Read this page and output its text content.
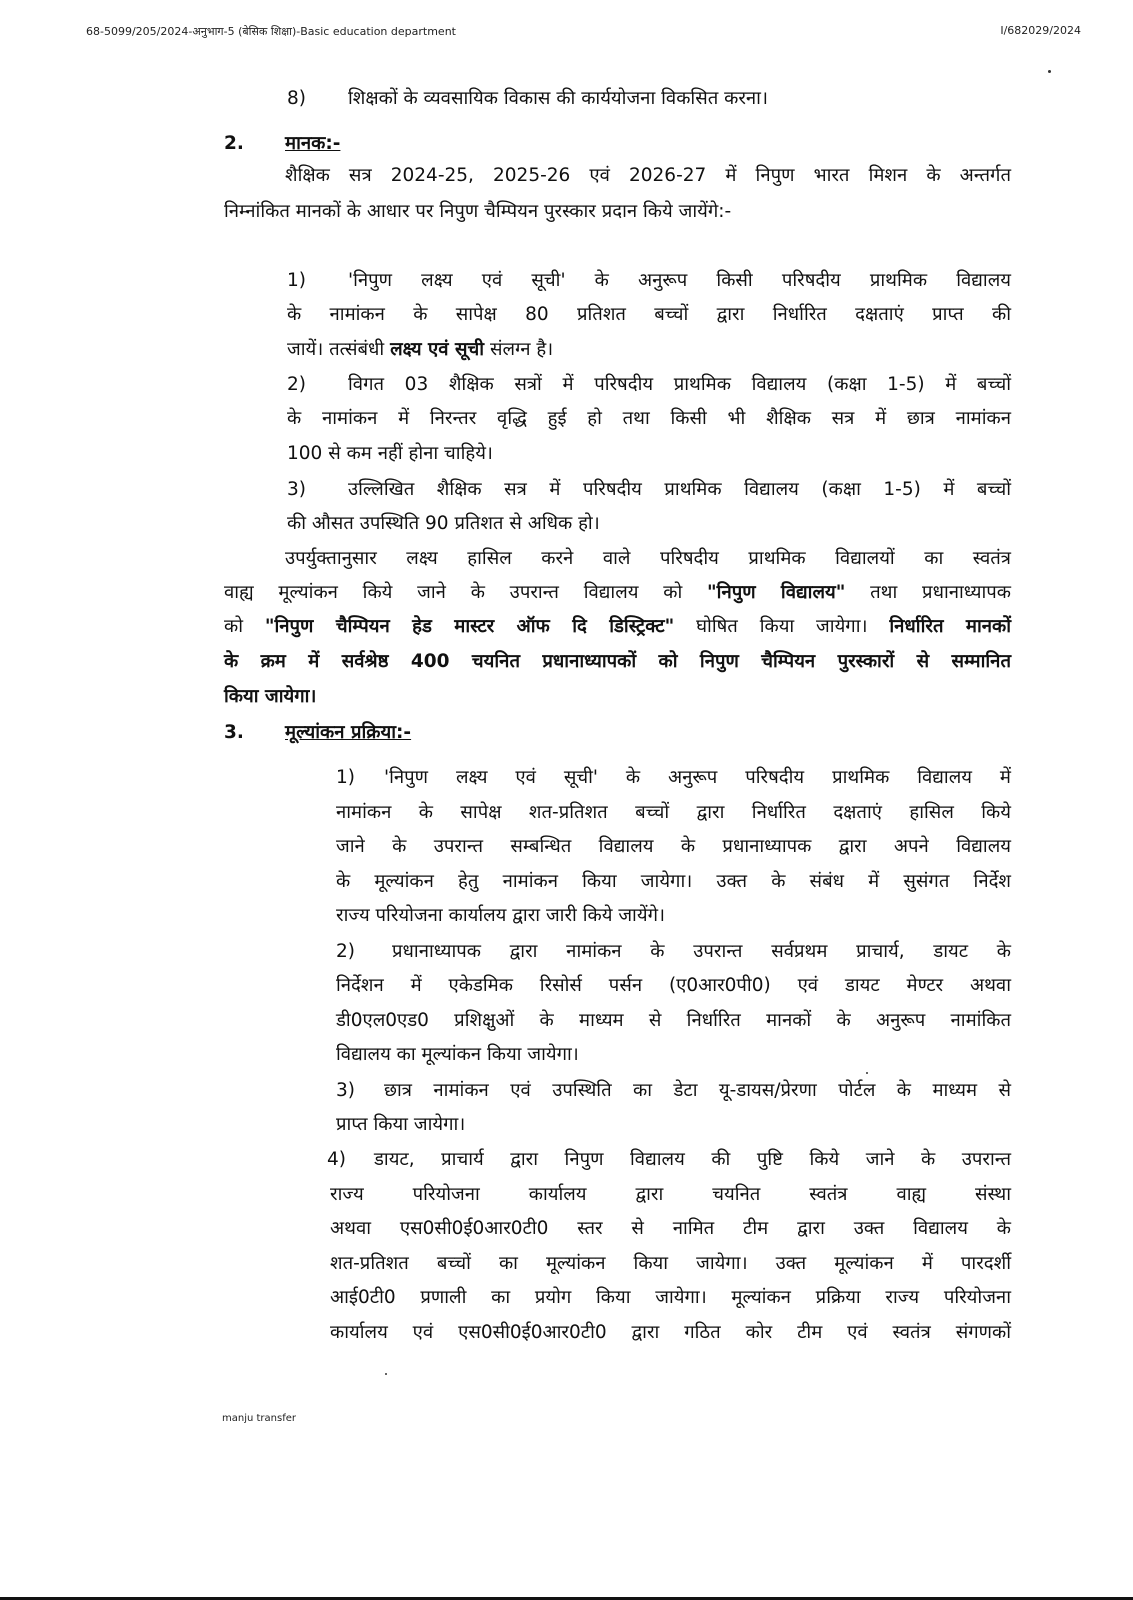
68-5099/205/2024-अनुभाग-5 (बेसिक शिक्षा)-Basic education department	I/682029/2024
8) शिक्षकों के व्यवसायिक विकास की कार्ययोजना विकसित करना।
2. मानक:-
शैक्षिक सत्र 2024-25, 2025-26 एवं 2026-27 में निपुण भारत मिशन के अन्तर्गत
निम्नांकित मानकों के आधार पर निपुण चैम्पियन पुरस्कार प्रदान किये जायेंगे:-
1) 'निपुण लक्ष्य एवं सूची' के अनुरूप किसी परिषदीय प्राथमिक विद्यालय
के नामांकन के सापेक्ष 80 प्रतिशत बच्चों द्वारा निर्धारित दक्षताएं प्राप्त की
जायें। तत्संबंधी लक्ष्य एवं सूची संलग्न है।
2) विगत 03 शैक्षिक सत्रों में परिषदीय प्राथमिक विद्यालय (कक्षा 1-5) में बच्चों
के नामांकन में निरन्तर वृद्धि हुई हो तथा किसी भी शैक्षिक सत्र में छात्र नामांकन
100 से कम नहीं होना चाहिये।
3) उल्लिखित शैक्षिक सत्र में परिषदीय प्राथमिक विद्यालय (कक्षा 1-5) में बच्चों
की औसत उपस्थिति 90 प्रतिशत से अधिक हो।
उपर्युक्तानुसार लक्ष्य हासिल करने वाले परिषदीय प्राथमिक विद्यालयों का स्वतंत्र
वाह्य मूल्यांकन किये जाने के उपरान्त विद्यालय को "निपुण विद्यालय" तथा प्रधानाध्यापक
को "निपुण चैम्पियन हेड मास्टर ऑफ दि डिस्ट्रिक्ट" घोषित किया जायेगा। निर्धारित मानकों
के क्रम में सर्वश्रेष्ठ 400 चयनित प्रधानाध्यापकों को निपुण चैम्पियन पुरस्कारों से सम्मानित
किया जायेगा।
3. मूल्यांकन प्रक्रिया:-
1) 'निपुण लक्ष्य एवं सूची' के अनुरूप परिषदीय प्राथमिक विद्यालय में
नामांकन के सापेक्ष शत-प्रतिशत बच्चों द्वारा निर्धारित दक्षताएं हासिल किये
जाने के उपरान्त सम्बन्धित विद्यालय के प्रधानाध्यापक द्वारा अपने विद्यालय
के मूल्यांकन हेतु नामांकन किया जायेगा। उक्त के संबंध में सुसंगत निर्देश
राज्य परियोजना कार्यालय द्वारा जारी किये जायेंगे।
2) प्रधानाध्यापक द्वारा नामांकन के उपरान्त सर्वप्रथम प्राचार्य, डायट के
निर्देशन में एकेडमिक रिसोर्स पर्सन (ए0आर0पी0) एवं डायट मेण्टर अथवा
डी0एल0एड0 प्रशिक्षुओं के माध्यम से निर्धारित मानकों के अनुरूप नामांकित
विद्यालय का मूल्यांकन किया जायेगा।
3) छात्र नामांकन एवं उपस्थिति का डेटा यू-डायस/प्रेरणा पोर्टल के माध्यम से
प्राप्त किया जायेगा।
4) डायट, प्राचार्य द्वारा निपुण विद्यालय की पुष्टि किये जाने के उपरान्त
राज्य परियोजना कार्यालय द्वारा चयनित स्वतंत्र वाह्य संस्था
अथवा एस0सी0ई0आर0टी0 स्तर से नामित टीम द्वारा उक्त विद्यालय के
शत-प्रतिशत बच्चों का मूल्यांकन किया जायेगा। उक्त मूल्यांकन में पारदर्शी
आई0टी0 प्रणाली का प्रयोग किया जायेगा। मूल्यांकन प्रक्रिया राज्य परियोजना
कार्यालय एवं एस0सी0ई0आर0टी0 द्वारा गठित कोर टीम एवं स्वतंत्र संगणकों
manju transfer
